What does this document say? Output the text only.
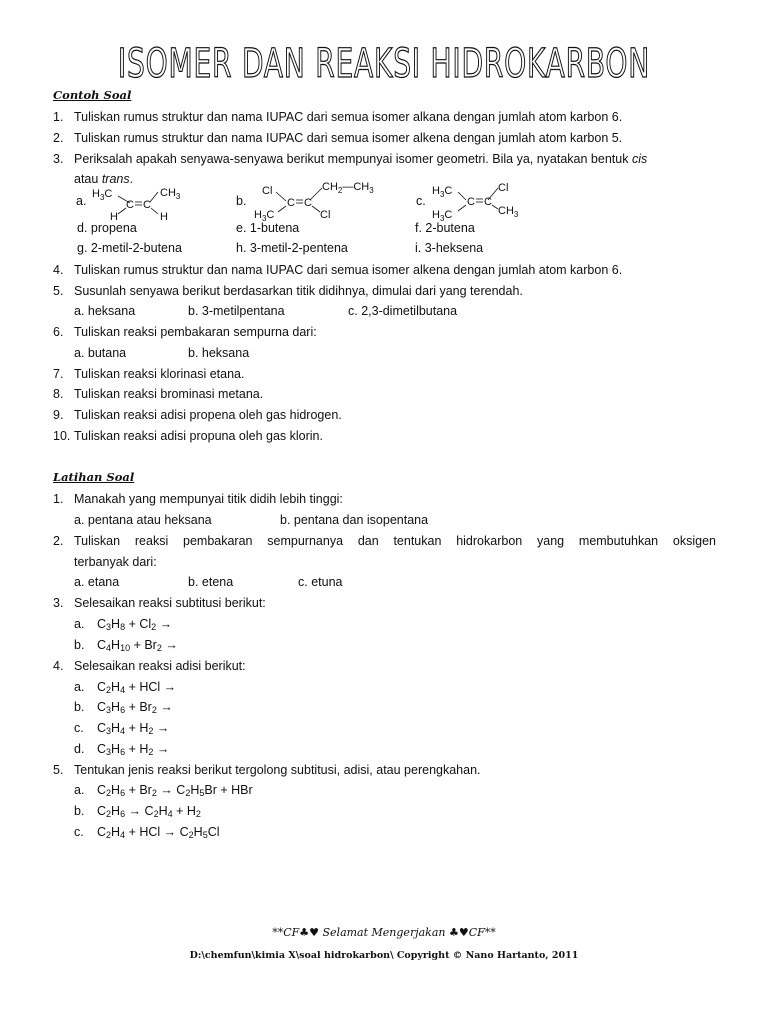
ISOMER DAN REAKSI HIDROKARBON
Contoh Soal
1. Tuliskan rumus struktur dan nama IUPAC dari semua isomer alkana dengan jumlah atom karbon 6.
2. Tuliskan rumus struktur dan nama IUPAC dari semua isomer alkena dengan jumlah atom karbon 5.
3. Periksalah apakah senyawa-senyawa berikut mempunyai isomer geometri. Bila ya, nyatakan bentuk cis
atau trans.
a. $H_3C$	$CH_3$
C C
H	H
b.
Cl	$CH_2—CH_3$
C C
$H_3C$	Cl
c.
$H_3C$	Cl
C C
$H_3C$	$CH_3$
d. propena	e. 1-butena	f. 2-butena
g. 2-metil-2-butena	h. 3-metil-2-pentena	i. 3-heksena
4. Tuliskan rumus struktur dan nama IUPAC dari semua isomer alkena dengan jumlah atom karbon 6.
5. Susunlah senyawa berikut berdasarkan titik didihnya, dimulai dari yang terendah.
a. heksana	b. 3-metilpentana	c. 2,3-dimetilbutana
6. Tuliskan reaksi pembakaran sempurna dari:
a. butana	b. heksana
7. Tuliskan reaksi klorinasi etana.
8. Tuliskan reaksi brominasi metana.
9. Tuliskan reaksi adisi propena oleh gas hidrogen.
10. Tuliskan reaksi adisi propuna oleh gas klorin.
Latihan Soal
1. Manakah yang mempunyai titik didih lebih tinggi:
a. pentana atau heksana	b. pentana dan isopentana
2. Tuliskan reaksi pembakaran sempurnanya dan tentukan hidrokarbon yang membutuhkan oksigen
terbanyak dari:
a. etana	b. etena	c. etuna
3. Selesaikan reaksi subtitusi berikut:
a. $C_3H_8 + Cl_2$ →
b. $C_4H_{10} + Br_2$ →
4. Selesaikan reaksi adisi berikut:
a. $C_2H_4$ + HCl →
b. $C_3H_6 + Br_2$ →
c. $C_3H_4 + H_2$ →
d. $C_3H_6 + H_2$ →
5. Tentukan jenis reaksi berikut tergolong subtitusi, adisi, atau perengkahan.
a. $C_2H_6 + Br_2 \to C_2H_5Br$ + HBr
b. $C_2H_6 \to C_2H_4 + H_2$
c. $C_2H_4$ + HCl → $C_2H_5Cl$
**CF♣♥ Selamat Mengerjakan ♣♥CF**
D:\chemfun\kimia X\soal hidrokarbon\ Copyright © Nano Hartanto, 2011
